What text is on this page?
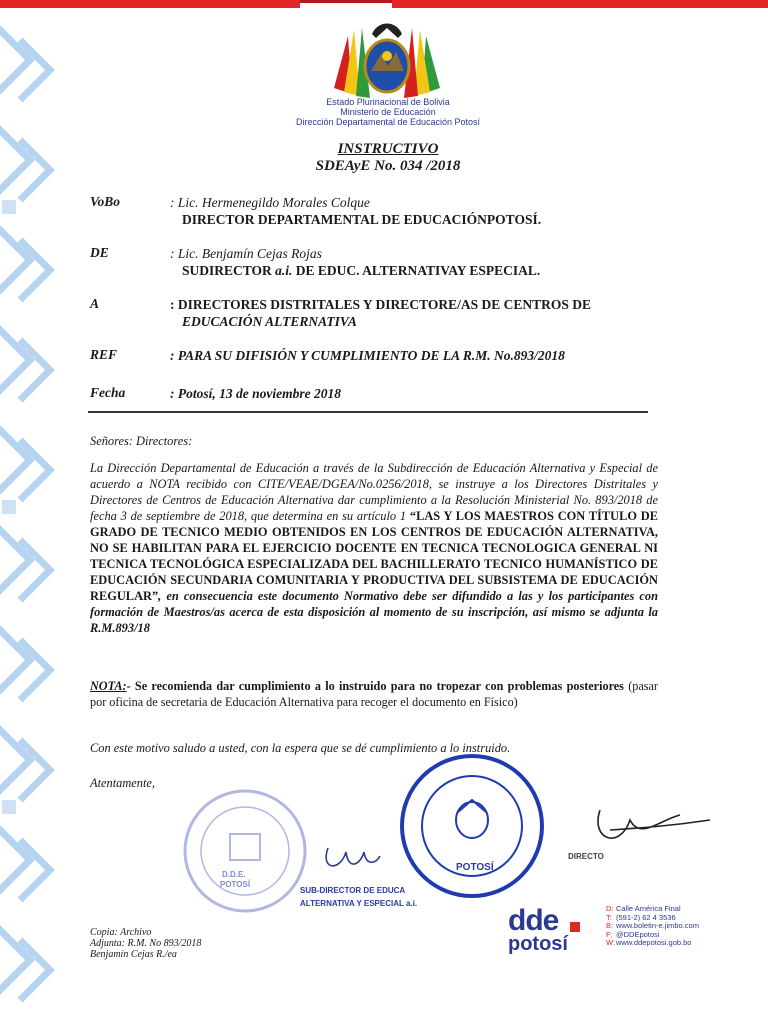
Estado Plurinacional de Bolivia
Ministerio de Educación
Dirección Departamental de Educación Potosí
INSTRUCTIVO
SDEAyE No. 034 /2018
VoBo	: Lic. Hermenegildo Morales Colque
DIRECTOR DEPARTAMENTAL DE EDUCACIÓNPOTOSÍ.
DE	: Lic. Benjamín Cejas Rojas
SUDIRECTOR a.i. DE EDUC. ALTERNATIVAY ESPECIAL.
A	: DIRECTORES DISTRITALES Y DIRECTORE/AS DE CENTROS DE
EDUCACIÓN ALTERNATIVA
REF	: PARA SU DIFISIÓN Y CUMPLIMIENTO DE LA R.M. No.893/2018
Fecha	: Potosí, 13 de noviembre 2018
Señores: Directores:
La Dirección Departamental de Educación a través de la Subdirección de Educación Alternativa y Especial de acuerdo a NOTA recibido con CITE/VEAE/DGEA/No.0256/2018, se instruye a los Directores Distritales y Directores de Centros de Educación Alternativa dar cumplimiento a la Resolución Ministerial No. 893/2018 de fecha 3 de septiembre de 2018, que determina en su artículo 1 “LAS Y LOS MAESTROS CON TÍTULO DE GRADO DE TECNICO MEDIO OBTENIDOS EN LOS CENTROS DE EDUCACIÓN ALTERNATIVA, NO SE HABILITAN PARA EL EJERCICIO DOCENTE EN TECNICA TECNOLOGICA GENERAL NI TECNICA TECNOLÓGICA ESPECIALIZADA DEL BACHILLERATO TECNICO HUMANÍSTICO DE EDUCACIÓN SECUNDARIA COMUNITARIA Y PRODUCTIVA DEL SUBSISTEMA DE EDUCACIÓN REGULAR”, en consecuencia este documento Normativo debe ser difundido a las y los participantes con formación de Maestros/as acerca de esta disposición al momento de su inscripción, así mismo se adjunta la R.M.893/18
NOTA:- Se recomienda dar cumplimiento a lo instruido para no tropezar con problemas posteriores (pasar por oficina de secretaria de Educación Alternativa para recoger el documento en Físico)
Con este motivo saludo a usted, con la espera que se dé cumplimiento a lo instruido.
Atentamente,
D.D.E.
POTOSÍ
POTOSÍ
SUB-DIRECTOR DE EDUCA
ALTERNATIVA Y ESPECIAL a.i.
DIRECTO
Copia: Archivo
Adjunta: R.M. No 893/2018
Benjamín Cejas R./ea
dde
potosí
D: Calle América Final
T: (591-2) 62 4 3536
B: www.boletin-e.jimbo.com
F: @DDEpotosi
W:www.ddepotosi.gob.bo
